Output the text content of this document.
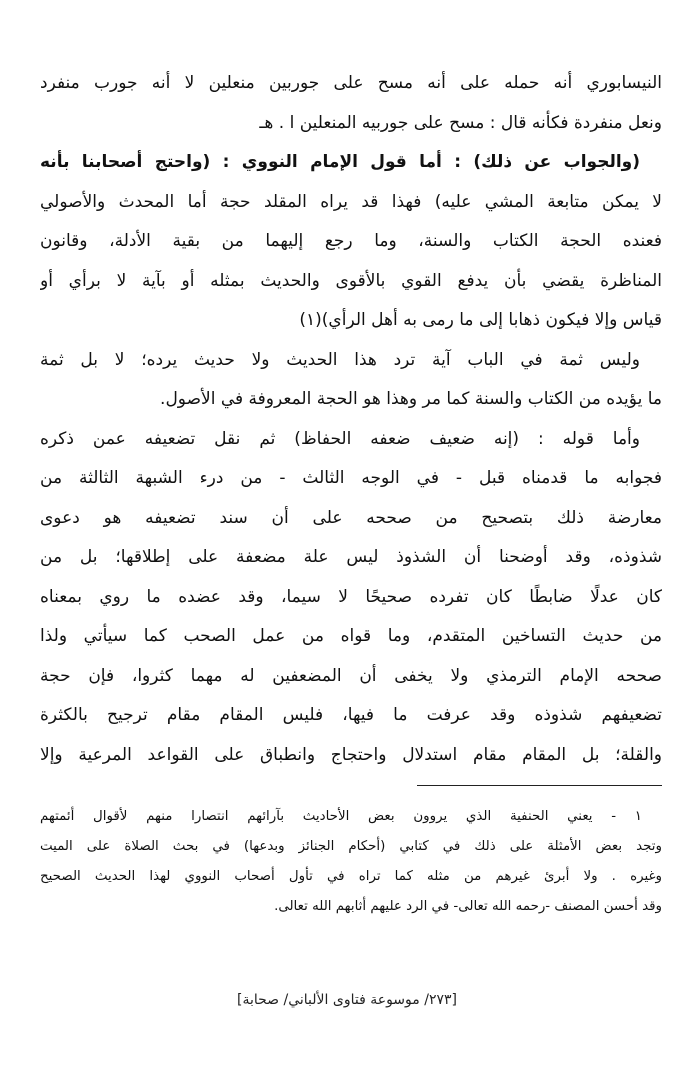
النيسابوري أنه حمله على أنه مسح على جوربين منعلين لا أنه جورب منفرد
ونعل منفردة فكأنه قال : مسح على جوربيه المنعلين ا . هـ
(والجواب عن ذلك) : أما قول الإمام النووي : (واحتج أصحابنا بأنه
لا يمكن متابعة المشي عليه) فهذا قد يراه المقلد حجة أما المحدث والأصولي
فعنده الحجة الكتاب والسنة، وما رجع إليهما من بقية الأدلة، وقانون
المناظرة يقضي بأن يدفع القوي بالأقوى والحديث بمثله أو بآية لا برأي أو
قياس وإلا فيكون ذهابا إلى ما رمى به أهل الرأي)(١)
وليس ثمة في الباب آية ترد هذا الحديث ولا حديث يرده؛ لا بل ثمة
ما يؤيده من الكتاب والسنة كما مر وهذا هو الحجة المعروفة في الأصول.
وأما قوله : (إنه ضعيف ضعفه الحفاظ) ثم نقل تضعيفه عمن ذكره
فجوابه ما قدمناه قبل - في الوجه الثالث - من درء الشبهة الثالثة من
معارضة ذلك بتصحيح من صححه على أن سند تضعيفه هو دعوى
شذوذه، وقد أوضحنا أن الشذوذ ليس علة مضعفة على إطلاقها؛ بل من
كان عدلًا ضابطًا كان تفرده صحيحًا لا سيما، وقد عضده ما روي بمعناه
من حديث التساخين المتقدم، وما قواه من عمل الصحب كما سيأتي ولذا
صححه الإمام الترمذي ولا يخفى أن المضعفين له مهما كثروا، فإن حجة
تضعيفهم شذوذه وقد عرفت ما فيها، فليس المقام مقام ترجيح بالكثرة
والقلة؛ بل المقام مقام استدلال واحتجاج وانطباق على القواعد المرعية وإلا
١ - يعني الحنفية الذي يروون بعض الأحاديث بآرائهم انتصارا منهم لأقوال أئمتهم
وتجد بعض الأمثلة على ذلك في كتابي (أحكام الجنائز وبدعها) في بحث الصلاة على الميت
وغيره . ولا أبرئ غيرهم من مثله كما تراه في تأول أصحاب النووي لهذا الحديث الصحيح
وقد أحسن المصنف -رحمه الله تعالى- في الرد عليهم أثابهم الله تعالى.
[٢٧٣/ موسوعة فتاوى الألباني/ صحابة]
